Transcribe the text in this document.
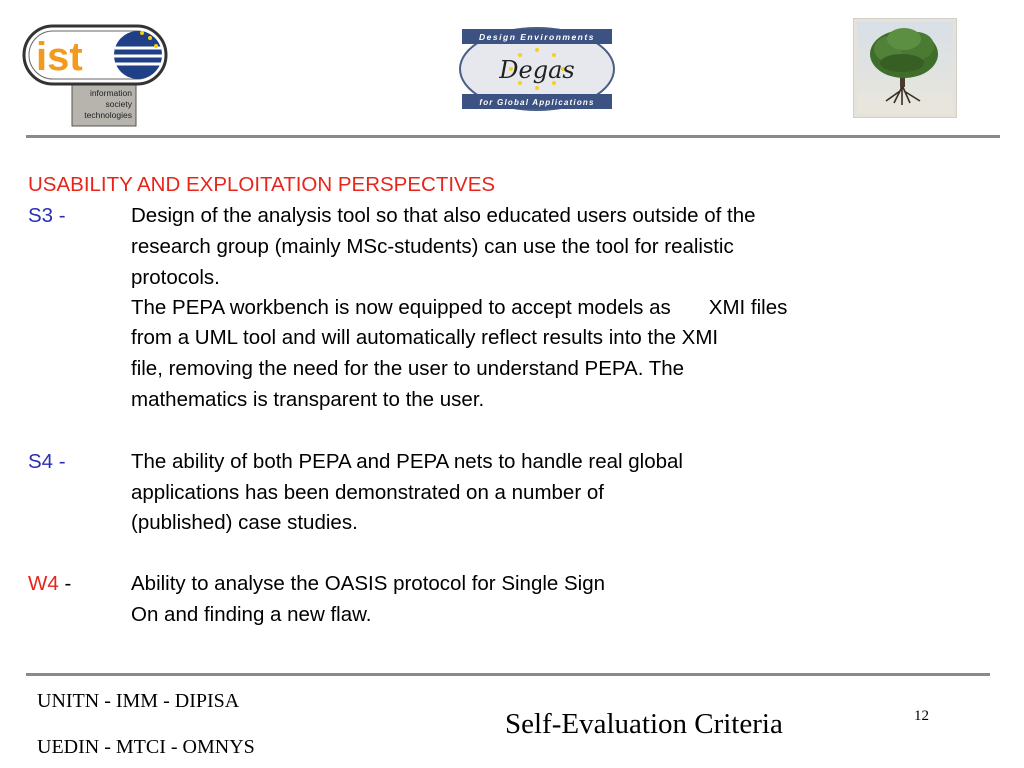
ist
information
society
technologies
Design Environments
for Global Applications
Degas
USABILITY AND EXPLOITATION PERSPECTIVES
S3 -	Design of the analysis tool so that also educated users outside of the
research group (mainly MSc-students) can use the tool for realistic
protocols.
The PEPA workbench is now equipped to accept models as XMI files
from a UML tool and will automatically reflect results into the XMI
file, removing the need for the user to understand PEPA. The
mathematics is transparent to the user.
S4 -	The ability of both PEPA and PEPA nets to handle real global
applications has been demonstrated on a number of
(published) case studies.
W4 -	Ability to analyse the OASIS protocol for Single Sign
On and finding a new flaw.
UNITN - IMM - DIPISA
UEDIN - MTCI - OMNYS
Self-Evaluation Criteria	12
